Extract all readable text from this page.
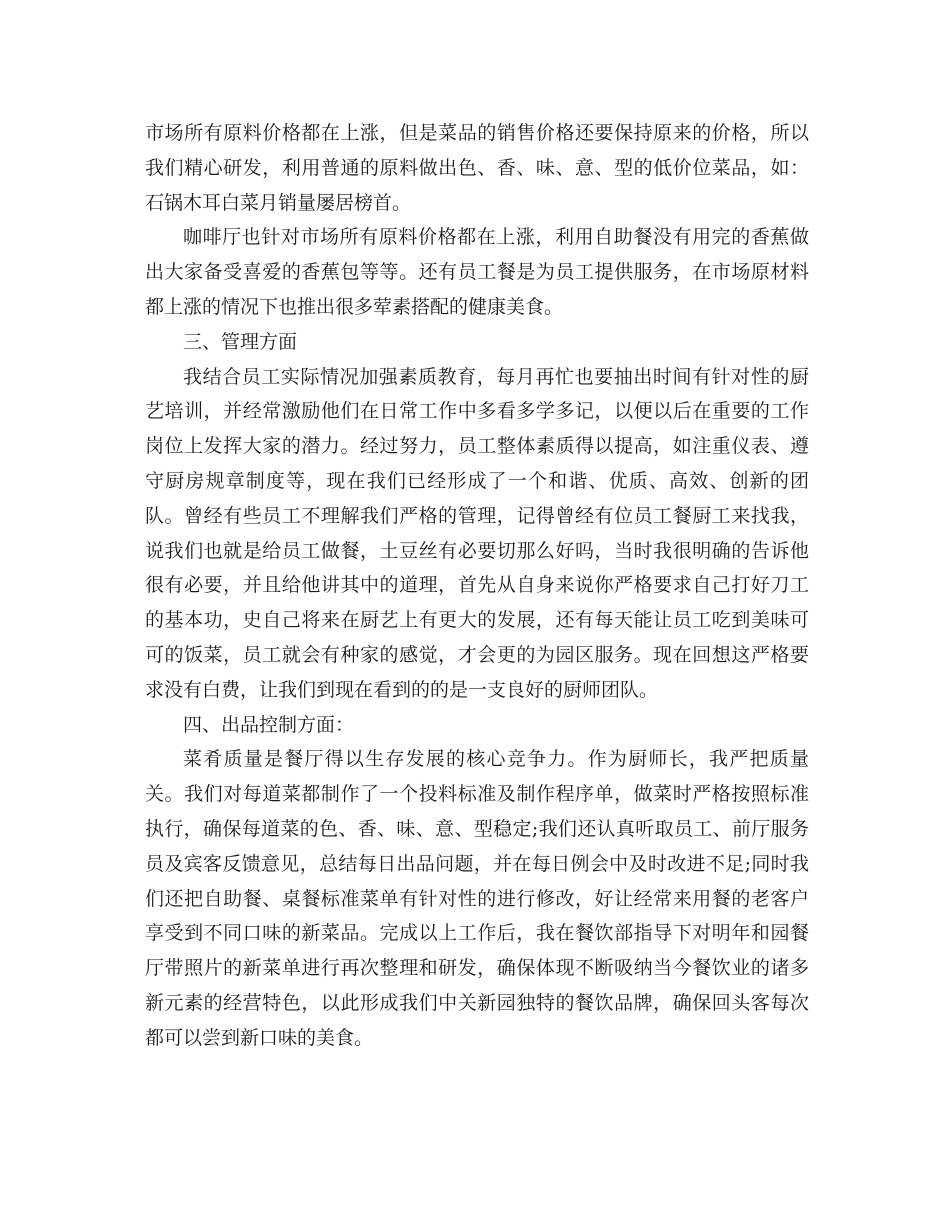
市场所有原料价格都在上涨，但是菜品的销售价格还要保持原来的价格，所以我们精心研发，利用普通的原料做出色、香、味、意、型的低价位菜品，如：石锅木耳白菜月销量屡居榜首。

咖啡厅也针对市场所有原料价格都在上涨，利用自助餐没有用完的香蕉做出大家备受喜爱的香蕉包等等。还有员工餐是为员工提供服务，在市场原材料都上涨的情况下也推出很多荤素搭配的健康美食。

三、管理方面

我结合员工实际情况加强素质教育，每月再忙也要抽出时间有针对性的厨艺培训，并经常激励他们在日常工作中多看多学多记，以便以后在重要的工作岗位上发挥大家的潜力。经过努力，员工整体素质得以提高，如注重仪表、遵守厨房规章制度等，现在我们已经形成了一个和谐、优质、高效、创新的团队。曾经有些员工不理解我们严格的管理，记得曾经有位员工餐厨工来找我，说我们也就是给员工做餐，土豆丝有必要切那么好吗，当时我很明确的告诉他很有必要，并且给他讲其中的道理，首先从自身来说你严格要求自己打好刀工的基本功，史自己将来在厨艺上有更大的发展，还有每天能让员工吃到美味可可的饭菜，员工就会有种家的感觉，才会更的为园区服务。现在回想这严格要求没有白费，让我们到现在看到的的是一支良好的厨师团队。

四、出品控制方面：

菜肴质量是餐厅得以生存发展的核心竞争力。作为厨师长，我严把质量关。我们对每道菜都制作了一个投料标准及制作程序单，做菜时严格按照标准执行，确保每道菜的色、香、味、意、型稳定;我们还认真听取员工、前厅服务员及宾客反馈意见，总结每日出品问题，并在每日例会中及时改进不足;同时我们还把自助餐、桌餐标准菜单有针对性的进行修改，好让经常来用餐的老客户享受到不同口味的新菜品。完成以上工作后，我在餐饮部指导下对明年和园餐厅带照片的新菜单进行再次整理和研发，确保体现不断吸纳当今餐饮业的诸多新元素的经营特色，以此形成我们中关新园独特的餐饮品牌，确保回头客每次都可以尝到新口味的美食。
